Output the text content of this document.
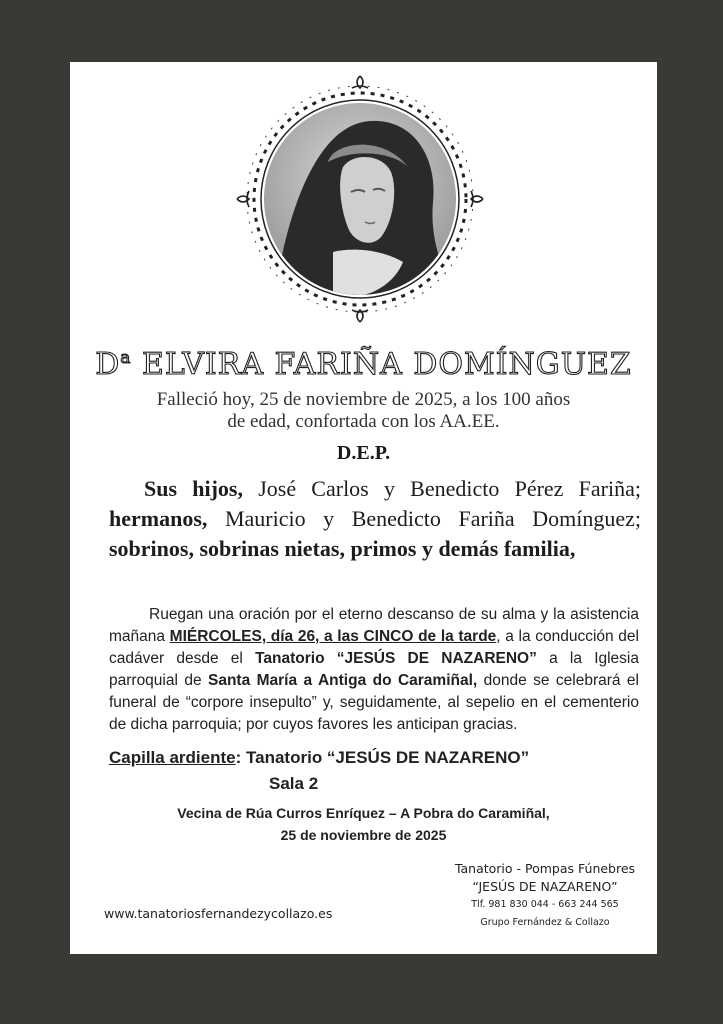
$D^a$ ELVIRA FARIÑA DOMÍNGUEZ
Falleció hoy, 25 de noviembre de 2025, a los 100 años
de edad, confortada con los AA.EE.
D.E.P.
Sus hijos, José Carlos y Benedicto Pérez Fariña; hermanos, Mauricio y Benedicto Fariña Domínguez; sobrinos, sobrinas nietas, primos y demás familia,
Ruegan una oración por el eterno descanso de su alma y la asistencia mañana MIÉRCOLES, día 26, a las CINCO de la tarde, a la conducción del cadáver desde el Tanatorio “JESÚS DE NAZARENO” a la Iglesia parroquial de Santa María a Antiga do Caramiñal, donde se celebrará el funeral de “corpore insepulto” y, seguidamente, al sepelio en el cementerio de dicha parroquia; por cuyos favores les anticipan gracias.
Capilla ardiente: Tanatorio “JESÚS DE NAZARENO”
Sala 2
Vecina de Rúa Curros Enríquez – A Pobra do Caramiñal,
25 de noviembre de 2025
www.tanatoriosfernandezycollazo.es
Tanatorio - Pompas Fúnebres
“JESÚS DE NAZARENO”
Tlf. 981 830 044 - 663 244 565
Grupo Fernández & Collazo
